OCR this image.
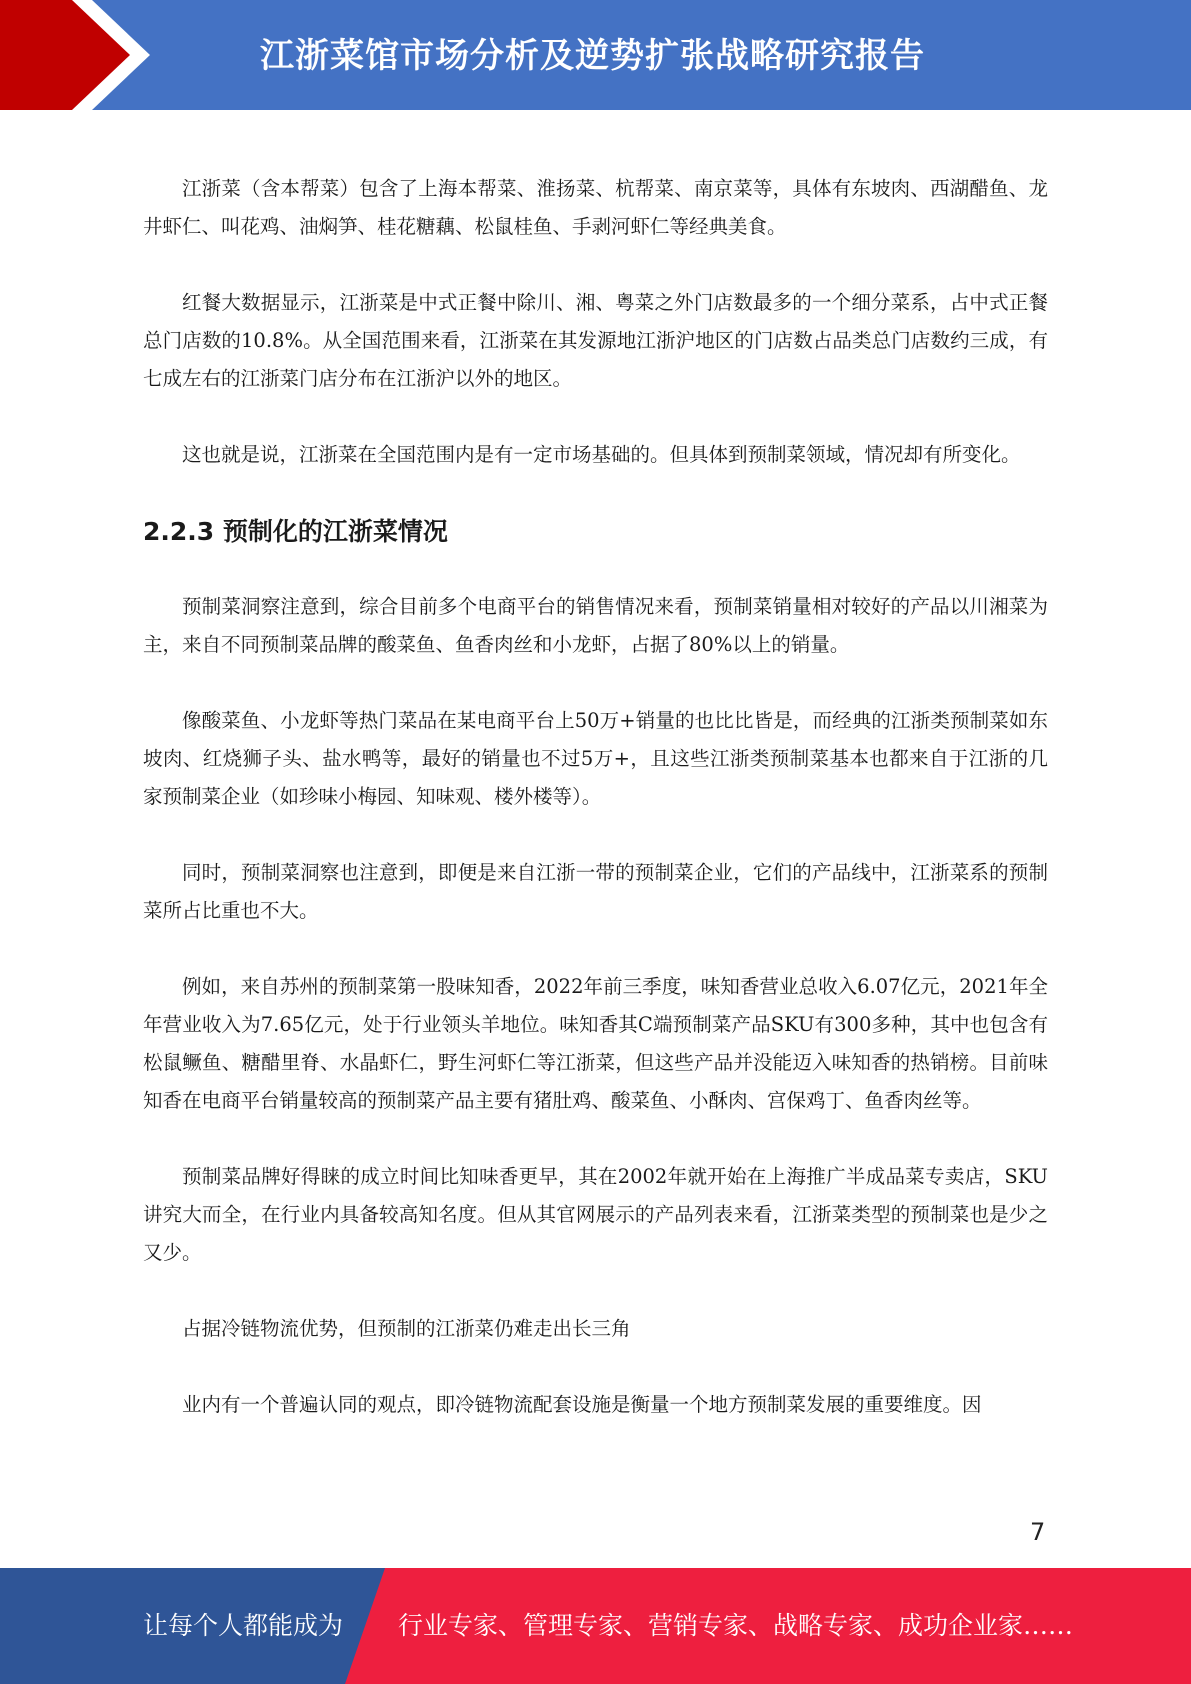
江浙菜馆市场分析及逆势扩张战略研究报告

江浙菜（含本帮菜）包含了上海本帮菜、淮扬菜、杭帮菜、南京菜等，具体有东坡肉、西湖醋鱼、龙井虾仁、叫花鸡、油焖笋、桂花糖藕、松鼠桂鱼、手剥河虾仁等经典美食。

红餐大数据显示，江浙菜是中式正餐中除川、湘、粤菜之外门店数最多的一个细分菜系，占中式正餐总门店数的10.8%。从全国范围来看，江浙菜在其发源地江浙沪地区的门店数占品类总门店数约三成，有七成左右的江浙菜门店分布在江浙沪以外的地区。

这也就是说，江浙菜在全国范围内是有一定市场基础的。但具体到预制菜领域，情况却有所变化。

2.2.3 预制化的江浙菜情况

预制菜洞察注意到，综合目前多个电商平台的销售情况来看，预制菜销量相对较好的产品以川湘菜为主，来自不同预制菜品牌的酸菜鱼、鱼香肉丝和小龙虾，占据了80%以上的销量。

像酸菜鱼、小龙虾等热门菜品在某电商平台上50万+销量的也比比皆是，而经典的江浙类预制菜如东坡肉、红烧狮子头、盐水鸭等，最好的销量也不过5万+，且这些江浙类预制菜基本也都来自于江浙的几家预制菜企业（如珍味小梅园、知味观、楼外楼等）。

同时，预制菜洞察也注意到，即便是来自江浙一带的预制菜企业，它们的产品线中，江浙菜系的预制菜所占比重也不大。

例如，来自苏州的预制菜第一股味知香，2022年前三季度，味知香营业总收入6.07亿元，2021年全年营业收入为7.65亿元，处于行业领头羊地位。味知香其C端预制菜产品SKU有300多种，其中也包含有松鼠鳜鱼、糖醋里脊、水晶虾仁，野生河虾仁等江浙菜，但这些产品并没能迈入味知香的热销榜。目前味知香在电商平台销量较高的预制菜产品主要有猪肚鸡、酸菜鱼、小酥肉、宫保鸡丁、鱼香肉丝等。

预制菜品牌好得睐的成立时间比知味香更早，其在2002年就开始在上海推广半成品菜专卖店，SKU讲究大而全，在行业内具备较高知名度。但从其官网展示的产品列表来看，江浙菜类型的预制菜也是少之又少。

占据冷链物流优势，但预制的江浙菜仍难走出长三角

业内有一个普遍认同的观点，即冷链物流配套设施是衡量一个地方预制菜发展的重要维度。因

7
让每个人都能成为 行业专家、管理专家、营销专家、战略专家、成功企业家……
